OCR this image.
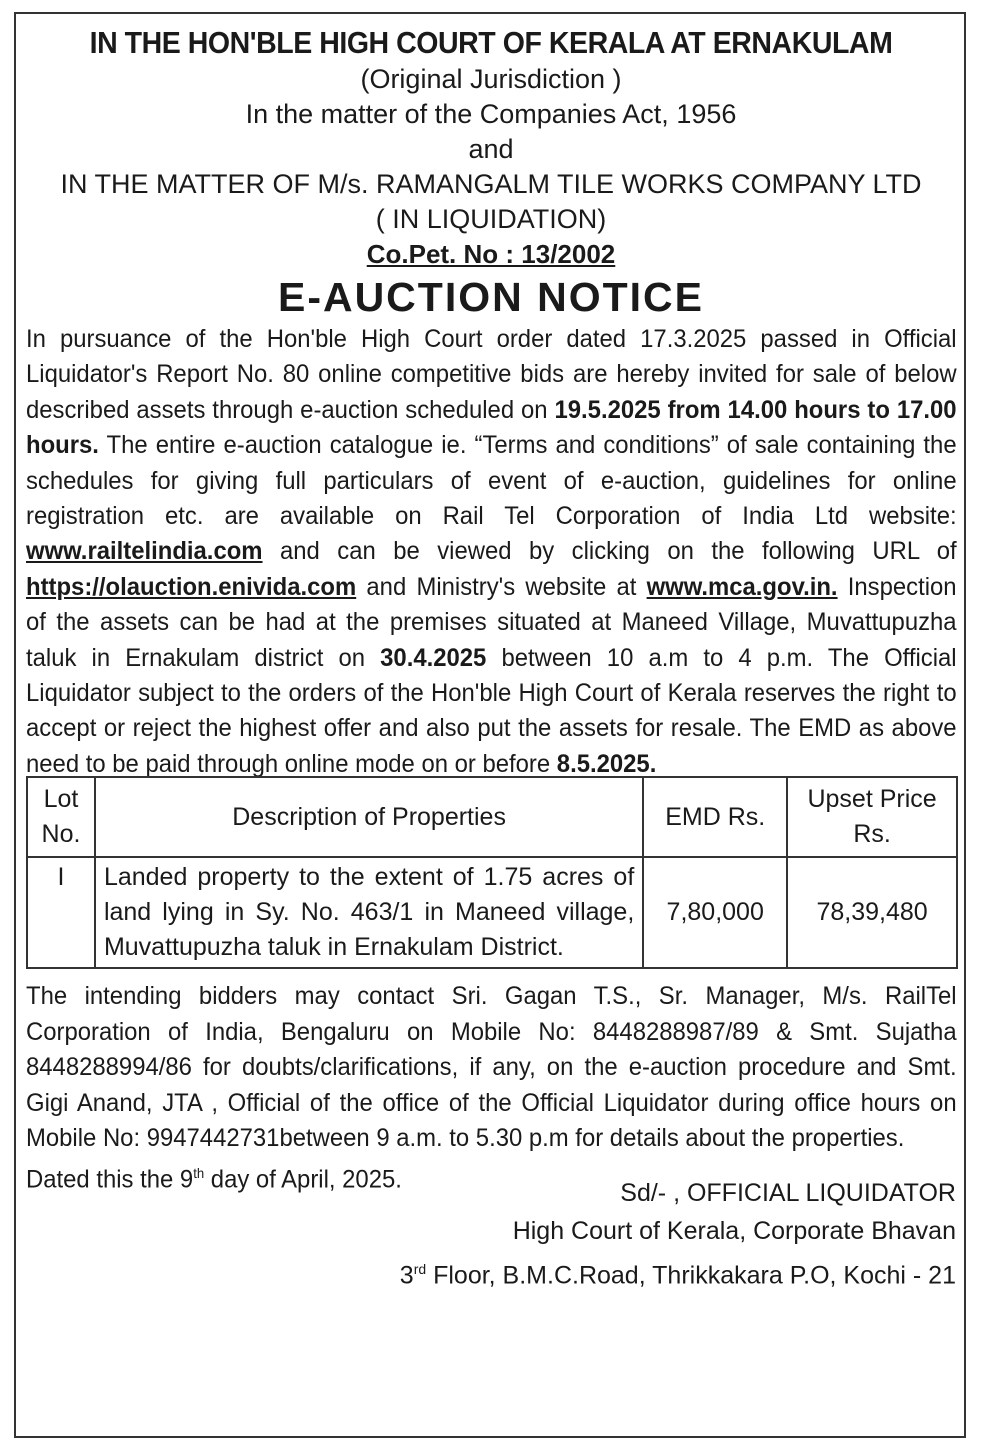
IN THE HON'BLE HIGH COURT OF KERALA AT ERNAKULAM
(Original Jurisdiction )
In the matter of the Companies Act, 1956
and
IN THE MATTER OF M/s. RAMANGALM TILE WORKS COMPANY LTD
( IN LIQUIDATION)
Co.Pet. No : 13/2002
E-AUCTION NOTICE
In pursuance of the Hon'ble High Court order dated 17.3.2025 passed in Official Liquidator's Report No. 80 online competitive bids are hereby invited for sale of below described assets through e-auction scheduled on 19.5.2025 from 14.00 hours to 17.00 hours. The entire e-auction catalogue ie. “Terms and conditions” of sale containing the schedules for giving full particulars of event of e-auction, guidelines for online registration etc. are available on Rail Tel Corporation of India Ltd website: www.railtelindia.com and can be viewed by clicking on the following URL of https://olauction.enivida.com and Ministry's website at www.mca.gov.in. Inspection of the assets can be had at the premises situated at Maneed Village, Muvattupuzha taluk in Ernakulam district on 30.4.2025 between 10 a.m to 4 p.m. The Official Liquidator subject to the orders of the Hon'ble High Court of Kerala reserves the right to accept or reject the highest offer and also put the assets for resale. The EMD as above need to be paid through online mode on or before 8.5.2025.
Lot No.	Description of Properties	EMD Rs.	Upset Price Rs.
I	Landed property to the extent of 1.75 acres of land lying in Sy. No. 463/1 in Maneed village, Muvattupuzha taluk in Ernakulam District.	7,80,000	78,39,480
The intending bidders may contact Sri. Gagan T.S., Sr. Manager, M/s. RailTel Corporation of India, Bengaluru on Mobile No: 8448288987/89 & Smt. Sujatha 8448288994/86 for doubts/clarifications, if any, on the e-auction procedure and Smt. Gigi Anand, JTA , Official of the office of the Official Liquidator during office hours on Mobile No: 9947442731between 9 a.m. to 5.30 p.m for details about the properties.
Dated this the 9th day of April, 2025.	Sd/- , OFFICIAL LIQUIDATOR
High Court of Kerala, Corporate Bhavan
3rd Floor, B.M.C.Road, Thrikkakara P.O, Kochi - 21
